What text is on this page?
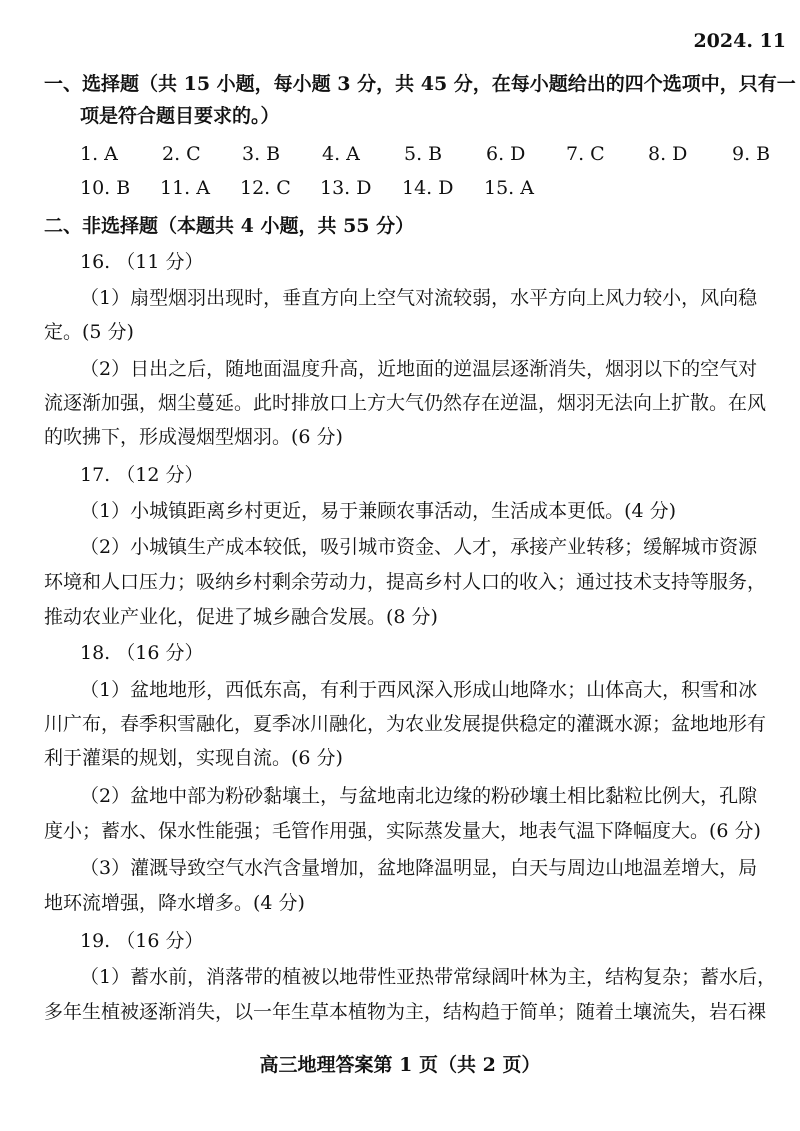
2024. 11
一、选择题（共 15 小题，每小题 3 分，共 45 分，在每小题给出的四个选项中，只有一
项是符合题目要求的。）
1. A	2. C	3. B	4. A	5. B	6. D	7. C	8. D	9. B
10. B	11. A	12. C	13. D	14. D	15. A
二、非选择题（本题共 4 小题，共 55 分）
16. （11 分）
（1）扇型烟羽出现时，垂直方向上空气对流较弱，水平方向上风力较小，风向稳
定。(5 分)
（2）日出之后，随地面温度升高，近地面的逆温层逐渐消失，烟羽以下的空气对
流逐渐加强，烟尘蔓延。此时排放口上方大气仍然存在逆温，烟羽无法向上扩散。在风
的吹拂下，形成漫烟型烟羽。(6 分)
17. （12 分）
（1）小城镇距离乡村更近，易于兼顾农事活动，生活成本更低。(4 分)
（2）小城镇生产成本较低，吸引城市资金、人才，承接产业转移；缓解城市资源
环境和人口压力；吸纳乡村剩余劳动力，提高乡村人口的收入；通过技术支持等服务，
推动农业产业化，促进了城乡融合发展。(8 分)
18. （16 分）
（1）盆地地形，西低东高，有利于西风深入形成山地降水；山体高大，积雪和冰
川广布，春季积雪融化，夏季冰川融化，为农业发展提供稳定的灌溉水源；盆地地形有
利于灌渠的规划，实现自流。(6 分)
（2）盆地中部为粉砂黏壤土，与盆地南北边缘的粉砂壤土相比黏粒比例大，孔隙
度小；蓄水、保水性能强；毛管作用强，实际蒸发量大，地表气温下降幅度大。(6 分)
（3）灌溉导致空气水汽含量增加，盆地降温明显，白天与周边山地温差增大，局
地环流增强，降水增多。(4 分)
19. （16 分）
（1）蓄水前，消落带的植被以地带性亚热带常绿阔叶林为主，结构复杂；蓄水后，
多年生植被逐渐消失，以一年生草本植物为主，结构趋于简单；随着土壤流失，岩石裸
高三地理答案第 1 页（共 2 页）
